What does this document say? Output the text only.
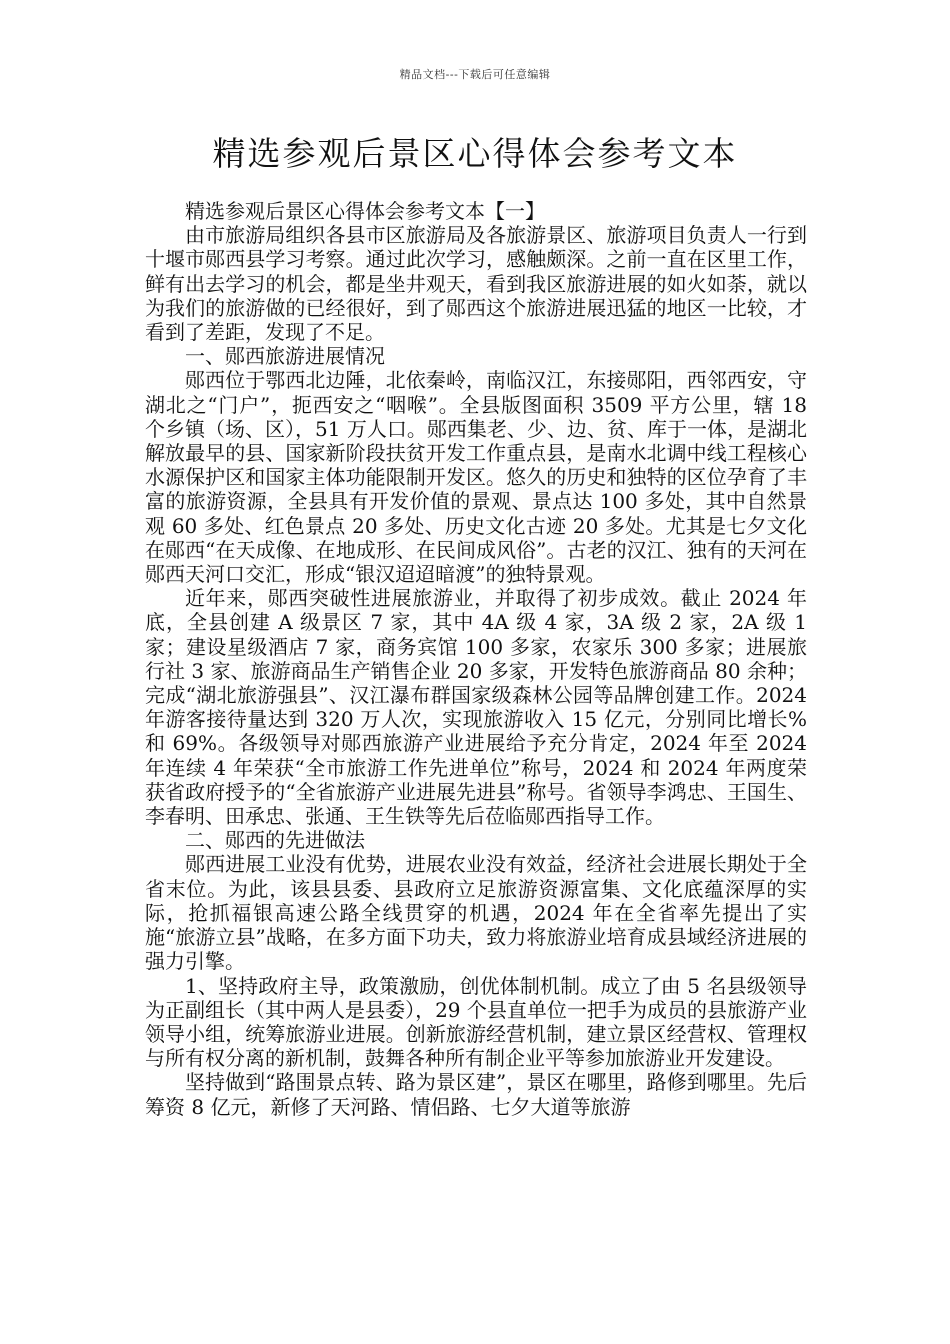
精品文档---下载后可任意编辑
精选参观后景区心得体会参考文本

精选参观后景区心得体会参考文本【一】

由市旅游局组织各县市区旅游局及各旅游景区、旅游项目负责人一行到十堰市郧西县学习考察。通过此次学习，感触颇深。之前一直在区里工作，鲜有出去学习的机会，都是坐井观天，看到我区旅游进展的如火如荼，就以为我们的旅游做的已经很好，到了郧西这个旅游进展迅猛的地区一比较，才看到了差距，发现了不足。

一、郧西旅游进展情况

郧西位于鄂西北边陲，北依秦岭，南临汉江，东接郧阳，西邻西安，守湖北之“门户”，扼西安之“咽喉”。全县版图面积 3509 平方公里，辖 18 个乡镇（场、区），51 万人口。郧西集老、少、边、贫、库于一体，是湖北解放最早的县、国家新阶段扶贫开发工作重点县，是南水北调中线工程核心水源保护区和国家主体功能限制开发区。悠久的历史和独特的区位孕育了丰富的旅游资源，全县具有开发价值的景观、景点达 100 多处，其中自然景观 60 多处、红色景点 20 多处、历史文化古迹 20 多处。尤其是七夕文化在郧西“在天成像、在地成形、在民间成风俗”。古老的汉江、独有的天河在郧西天河口交汇，形成“银汉迢迢暗渡”的独特景观。

近年来，郧西突破性进展旅游业，并取得了初步成效。截止 2024 年底，全县创建 A 级景区 7 家，其中 4A 级 4 家，3A 级 2 家，2A 级 1 家；建设星级酒店 7 家，商务宾馆 100 多家，农家乐 300 多家；进展旅行社 3 家、旅游商品生产销售企业 20 多家，开发特色旅游商品 80 余种；完成“湖北旅游强县”、汉江瀑布群国家级森林公园等品牌创建工作。2024 年游客接待量达到 320 万人次，实现旅游收入 15 亿元，分别同比增长%和 69%。各级领导对郧西旅游产业进展给予充分肯定，2024 年至 2024 年连续 4 年荣获“全市旅游工作先进单位”称号，2024 和 2024 年两度荣获省政府授予的“全省旅游产业进展先进县”称号。省领导李鸿忠、王国生、李春明、田承忠、张通、王生铁等先后莅临郧西指导工作。

二、郧西的先进做法

郧西进展工业没有优势，进展农业没有效益，经济社会进展长期处于全省末位。为此，该县县委、县政府立足旅游资源富集、文化底蕴深厚的实际，抢抓福银高速公路全线贯穿的机遇，2024 年在全省率先提出了实施“旅游立县”战略，在多方面下功夫，致力将旅游业培育成县域经济进展的强力引擎。

1、坚持政府主导，政策激励，创优体制机制。成立了由 5 名县级领导为正副组长（其中两人是县委），29 个县直单位一把手为成员的县旅游产业领导小组，统筹旅游业进展。创新旅游经营机制，建立景区经营权、管理权与所有权分离的新机制，鼓舞各种所有制企业平等参加旅游业开发建设。

坚持做到“路围景点转、路为景区建”，景区在哪里，路修到哪里。先后筹资 8 亿元，新修了天河路、情侣路、七夕大道等旅游
